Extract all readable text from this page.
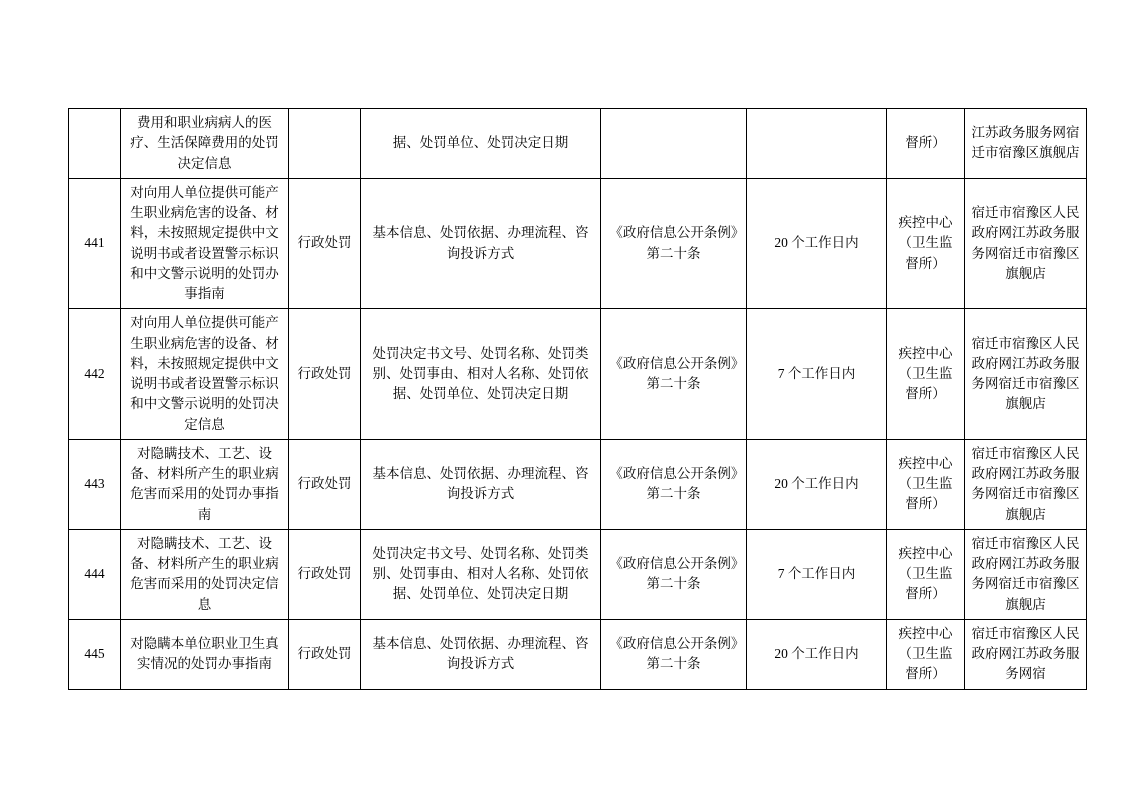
	费用和职业病病人的医疗、生活保障费用的处罚决定信息		据、处罚单位、处罚决定日期			督所）	江苏政务服务网宿迁市宿豫区旗舰店
441	对向用人单位提供可能产生职业病危害的设备、材料，未按照规定提供中文说明书或者设置警示标识和中文警示说明的处罚办事指南	行政处罚	基本信息、处罚依据、办理流程、咨询投诉方式	《政府信息公开条例》第二十条	20 个工作日内	疾控中心（卫生监督所）	宿迁市宿豫区人民政府网江苏政务服务网宿迁市宿豫区旗舰店
442	对向用人单位提供可能产生职业病危害的设备、材料，未按照规定提供中文说明书或者设置警示标识和中文警示说明的处罚决定信息	行政处罚	处罚决定书文号、处罚名称、处罚类别、处罚事由、相对人名称、处罚依据、处罚单位、处罚决定日期	《政府信息公开条例》第二十条	7 个工作日内	疾控中心（卫生监督所）	宿迁市宿豫区人民政府网江苏政务服务网宿迁市宿豫区旗舰店
443	对隐瞒技术、工艺、设备、材料所产生的职业病危害而采用的处罚办事指南	行政处罚	基本信息、处罚依据、办理流程、咨询投诉方式	《政府信息公开条例》第二十条	20 个工作日内	疾控中心（卫生监督所）	宿迁市宿豫区人民政府网江苏政务服务网宿迁市宿豫区旗舰店
444	对隐瞒技术、工艺、设备、材料所产生的职业病危害而采用的处罚决定信息	行政处罚	处罚决定书文号、处罚名称、处罚类别、处罚事由、相对人名称、处罚依据、处罚单位、处罚决定日期	《政府信息公开条例》第二十条	7 个工作日内	疾控中心（卫生监督所）	宿迁市宿豫区人民政府网江苏政务服务网宿迁市宿豫区旗舰店
445	对隐瞒本单位职业卫生真实情况的处罚办事指南	行政处罚	基本信息、处罚依据、办理流程、咨询投诉方式	《政府信息公开条例》第二十条	20 个工作日内	疾控中心（卫生监督所）	宿迁市宿豫区人民政府网江苏政务服务网宿
